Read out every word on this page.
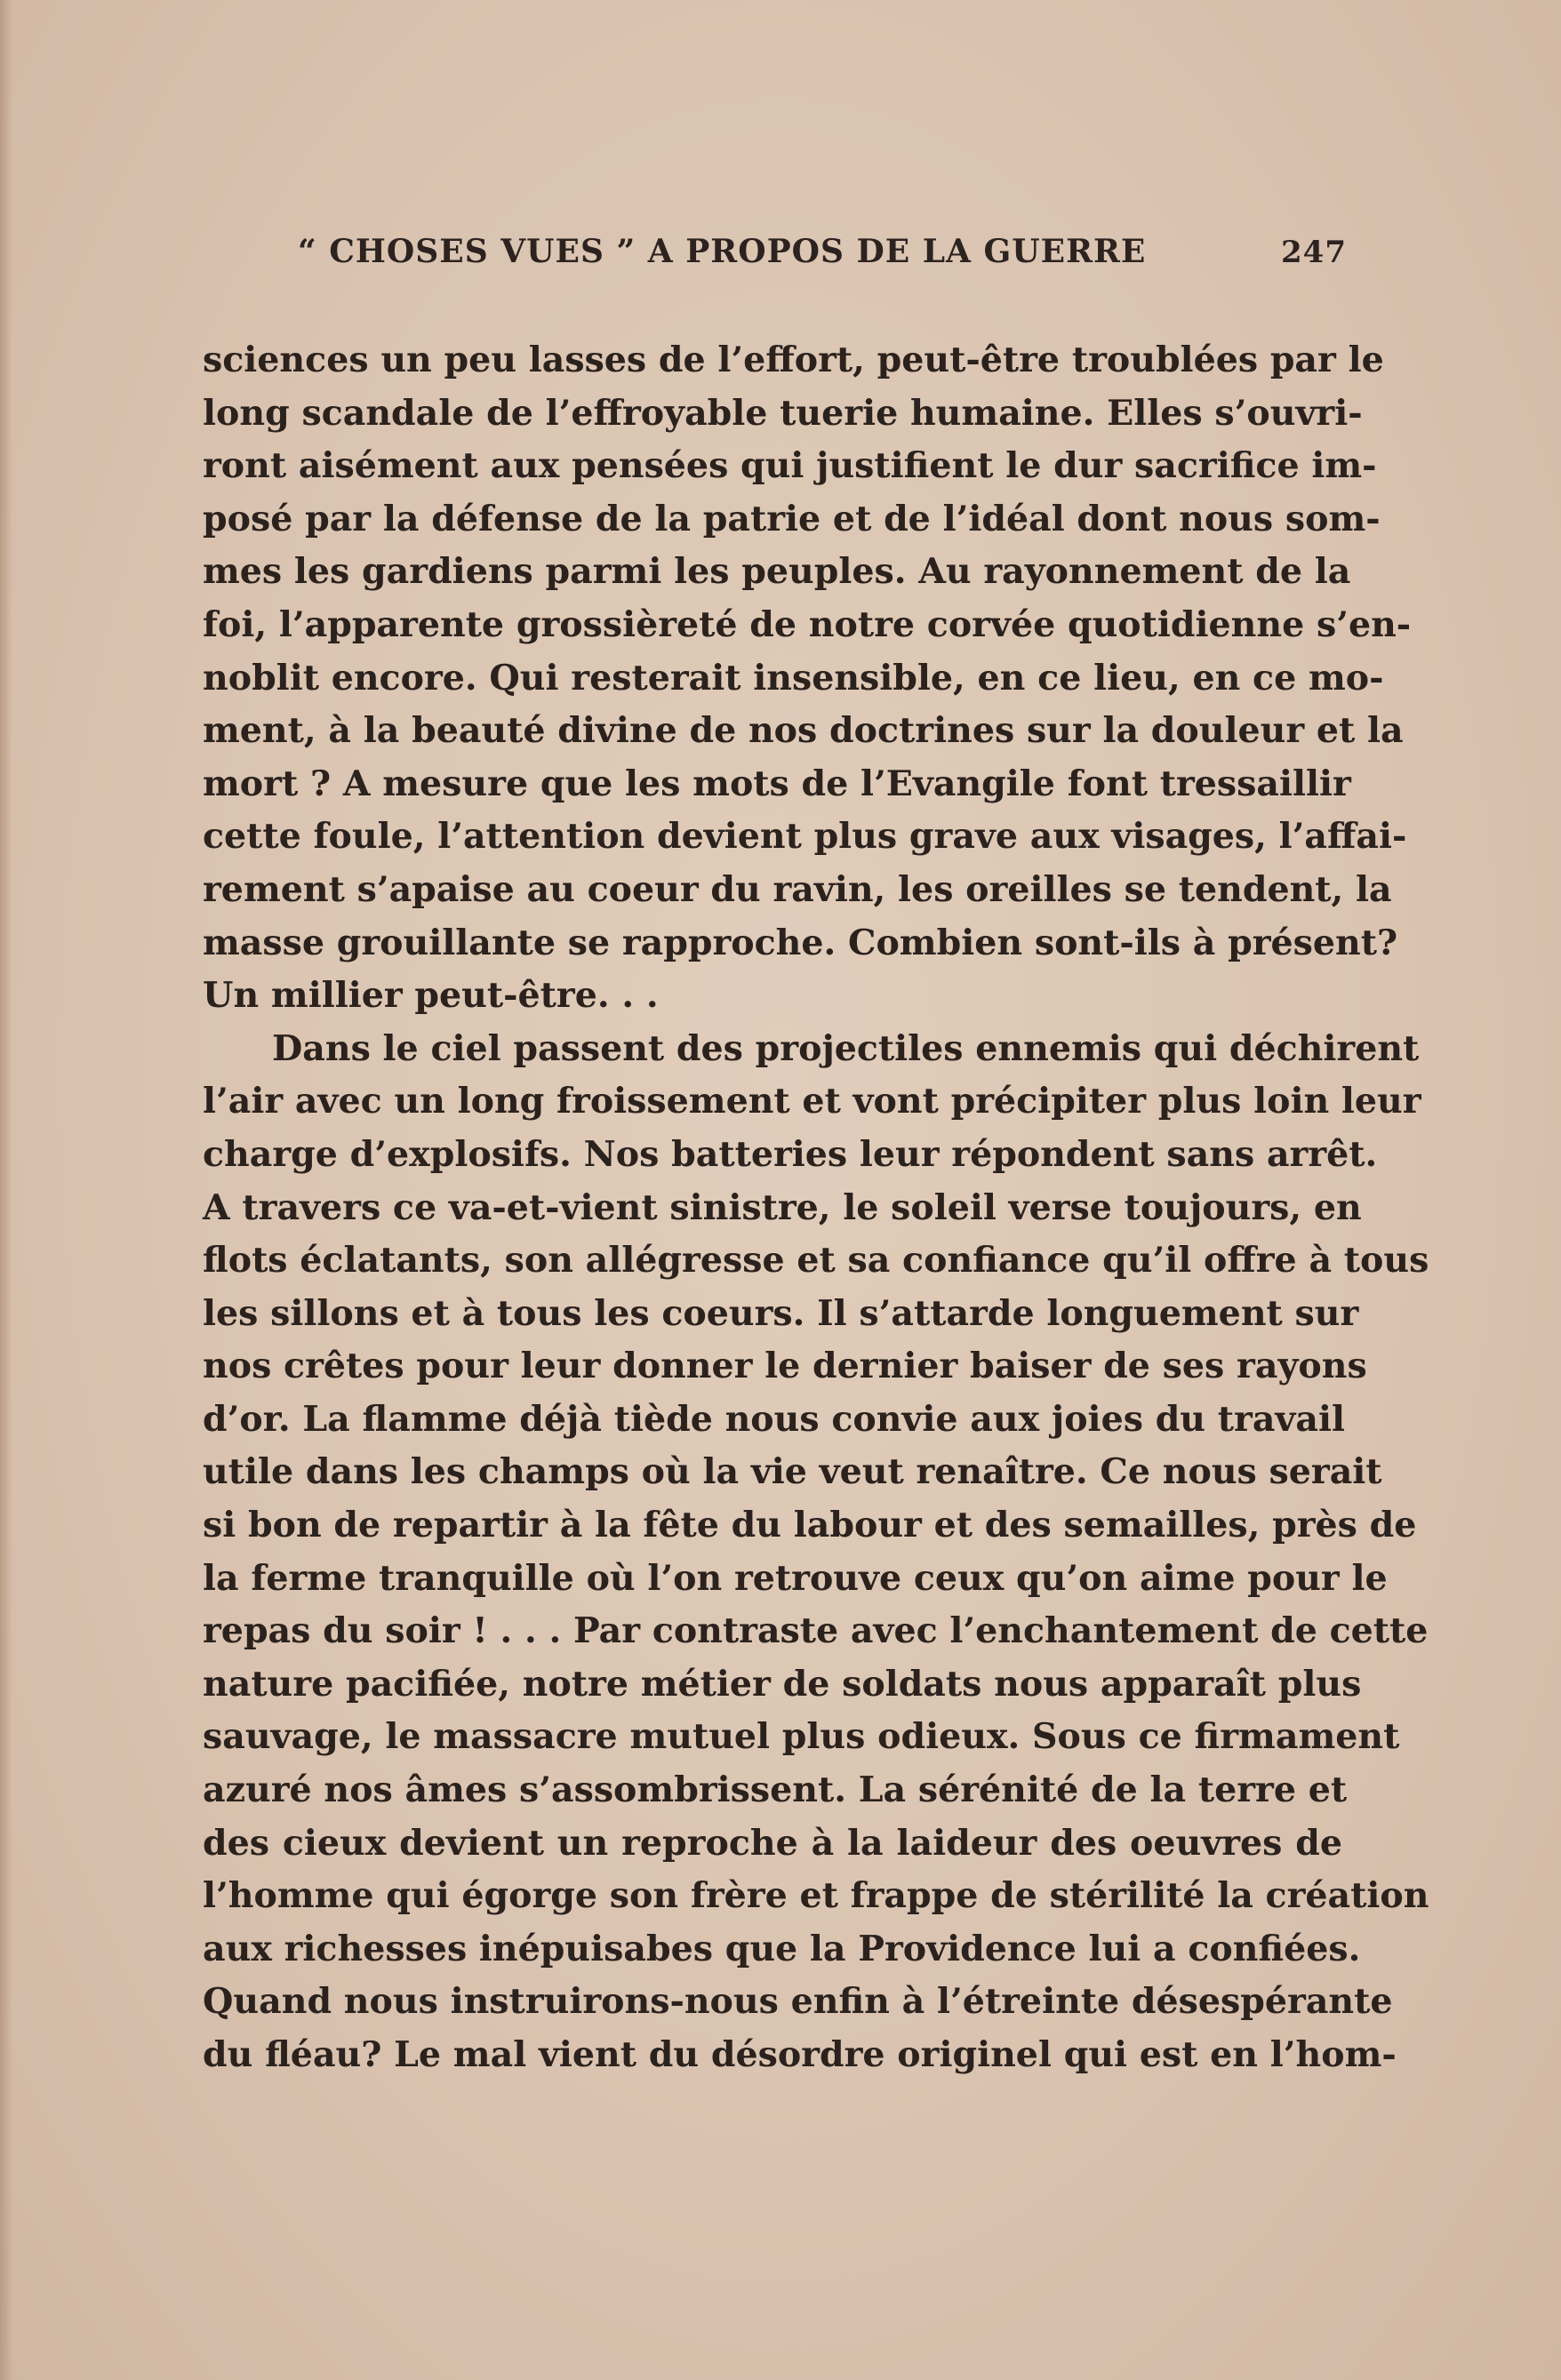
“ CHOSES VUES ” A PROPOS DE LA GUERRE	247
sciences un peu lasses de l’effort, peut-être troublées par le
long scandale de l’effroyable tuerie humaine. Elles s’ouvri-
ront aisément aux pensées qui justifient le dur sacrifice im-
posé par la défense de la patrie et de l’idéal dont nous som-
mes les gardiens parmi les peuples. Au rayonnement de la
foi, l’apparente grossièreté de notre corvée quotidienne s’en-
noblit encore. Qui resterait insensible, en ce lieu, en ce mo-
ment, à la beauté divine de nos doctrines sur la douleur et la
mort ? A mesure que les mots de l’Evangile font tressaillir
cette foule, l’attention devient plus grave aux visages, l’affai-
rement s’apaise au coeur du ravin, les oreilles se tendent, la
masse grouillante se rapproche. Combien sont-ils à présent?
Un millier peut-être. . .
Dans le ciel passent des projectiles ennemis qui déchirent
l’air avec un long froissement et vont précipiter plus loin leur
charge d’explosifs. Nos batteries leur répondent sans arrêt.
A travers ce va-et-vient sinistre, le soleil verse toujours, en
flots éclatants, son allégresse et sa confiance qu’il offre à tous
les sillons et à tous les coeurs. Il s’attarde longuement sur
nos crêtes pour leur donner le dernier baiser de ses rayons
d’or. La flamme déjà tiède nous convie aux joies du travail
utile dans les champs où la vie veut renaître. Ce nous serait
si bon de repartir à la fête du labour et des semailles, près de
la ferme tranquille où l’on retrouve ceux qu’on aime pour le
repas du soir ! . . . Par contraste avec l’enchantement de cette
nature pacifiée, notre métier de soldats nous apparaît plus
sauvage, le massacre mutuel plus odieux. Sous ce firmament
azuré nos âmes s’assombrissent. La sérénité de la terre et
des cieux devient un reproche à la laideur des oeuvres de
l’homme qui égorge son frère et frappe de stérilité la création
aux richesses inépuisabes que la Providence lui a confiées.
Quand nous instruirons-nous enfin à l’étreinte désespérante
du fléau? Le mal vient du désordre originel qui est en l’hom-
